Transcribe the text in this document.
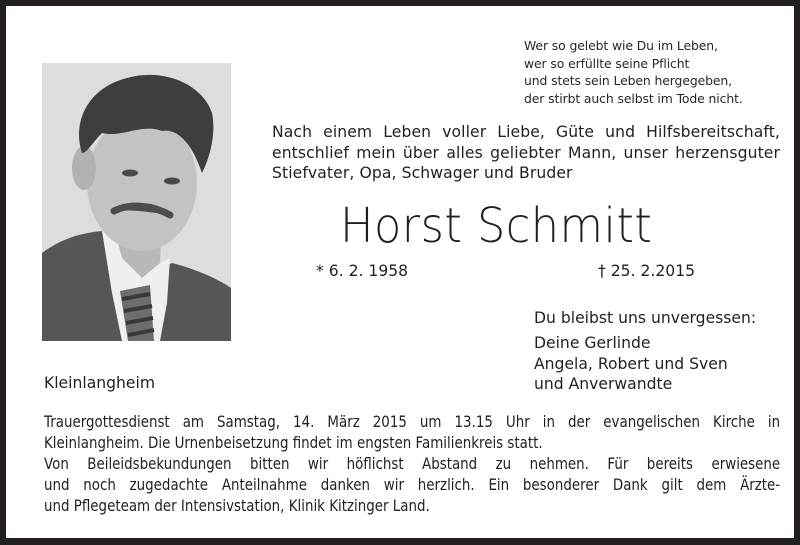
Wer so gelebt wie Du im Leben,
wer so erfüllte seine Pflicht
und stets sein Leben hergegeben,
der stirbt auch selbst im Tode nicht.
Nach einem Leben voller Liebe, Güte und Hilfsbereitschaft,
entschlief mein über alles geliebter Mann, unser herzensguter
Stiefvater, Opa, Schwager und Bruder
Horst Schmitt
* 6. 2. 1958	† 25. 2.2015
Du bleibst uns unvergessen:
Deine Gerlinde
Angela, Robert und Sven
und Anverwandte
Kleinlangheim
Trauergottesdienst am Samstag, 14. März 2015 um 13.15 Uhr in der evangelischen Kirche in
Kleinlangheim. Die Urnenbeisetzung findet im engsten Familienkreis statt.
Von Beileidsbekundungen bitten wir höflichst Abstand zu nehmen. Für bereits erwiesene
und noch zugedachte Anteilnahme danken wir herzlich. Ein besonderer Dank gilt dem Ärzte-
und Pflegeteam der Intensivstation, Klinik Kitzinger Land.
